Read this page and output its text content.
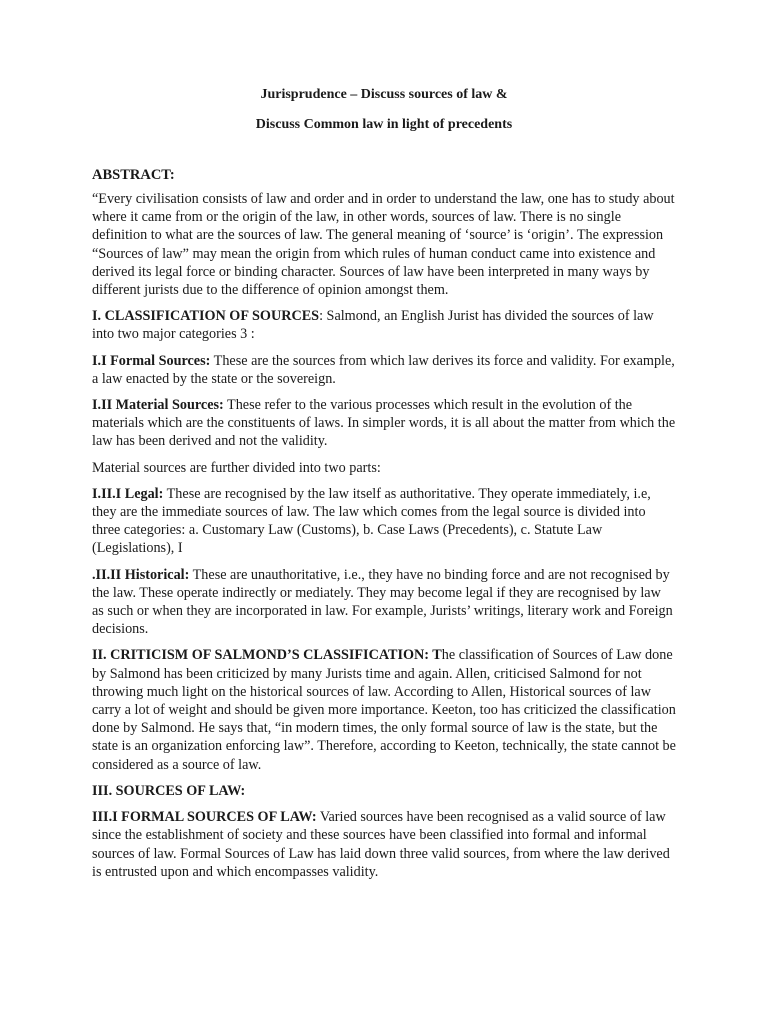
Jurisprudence – Discuss sources of law &

Discuss Common law in light of precedents

ABSTRACT:

“Every civilisation consists of law and order and in order to understand the law, one has to study about where it came from or the origin of the law, in other words, sources of law. There is no single definition to what are the sources of law. The general meaning of ‘source’ is ‘origin’. The expression “Sources of law” may mean the origin from which rules of human conduct came into existence and derived its legal force or binding character. Sources of law have been interpreted in many ways by different jurists due to the difference of opinion amongst them.

I. CLASSIFICATION OF SOURCES: Salmond, an English Jurist has divided the sources of law into two major categories 3 :

I.I Formal Sources: These are the sources from which law derives its force and validity. For example, a law enacted by the state or the sovereign.

I.II Material Sources: These refer to the various processes which result in the evolution of the materials which are the constituents of laws. In simpler words, it is all about the matter from which the law has been derived and not the validity.

Material sources are further divided into two parts:

I.II.I Legal: These are recognised by the law itself as authoritative. They operate immediately, i.e, they are the immediate sources of law. The law which comes from the legal source is divided into three categories: a. Customary Law (Customs), b. Case Laws (Precedents), c. Statute Law (Legislations), I

.II.II Historical: These are unauthoritative, i.e., they have no binding force and are not recognised by the law. These operate indirectly or mediately. They may become legal if they are recognised by law as such or when they are incorporated in law. For example, Jurists’ writings, literary work and Foreign decisions.

II. CRITICISM OF SALMOND’S CLASSIFICATION: The classification of Sources of Law done by Salmond has been criticized by many Jurists time and again. Allen, criticised Salmond for not throwing much light on the historical sources of law. According to Allen, Historical sources of law carry a lot of weight and should be given more importance. Keeton, too has criticized the classification done by Salmond. He says that, “in modern times, the only formal source of law is the state, but the state is an organization enforcing law”. Therefore, according to Keeton, technically, the state cannot be considered as a source of law.

III. SOURCES OF LAW:

III.I FORMAL SOURCES OF LAW: Varied sources have been recognised as a valid source of law since the establishment of society and these sources have been classified into formal and informal sources of law. Formal Sources of Law has laid down three valid sources, from where the law derived is entrusted upon and which encompasses validity.
